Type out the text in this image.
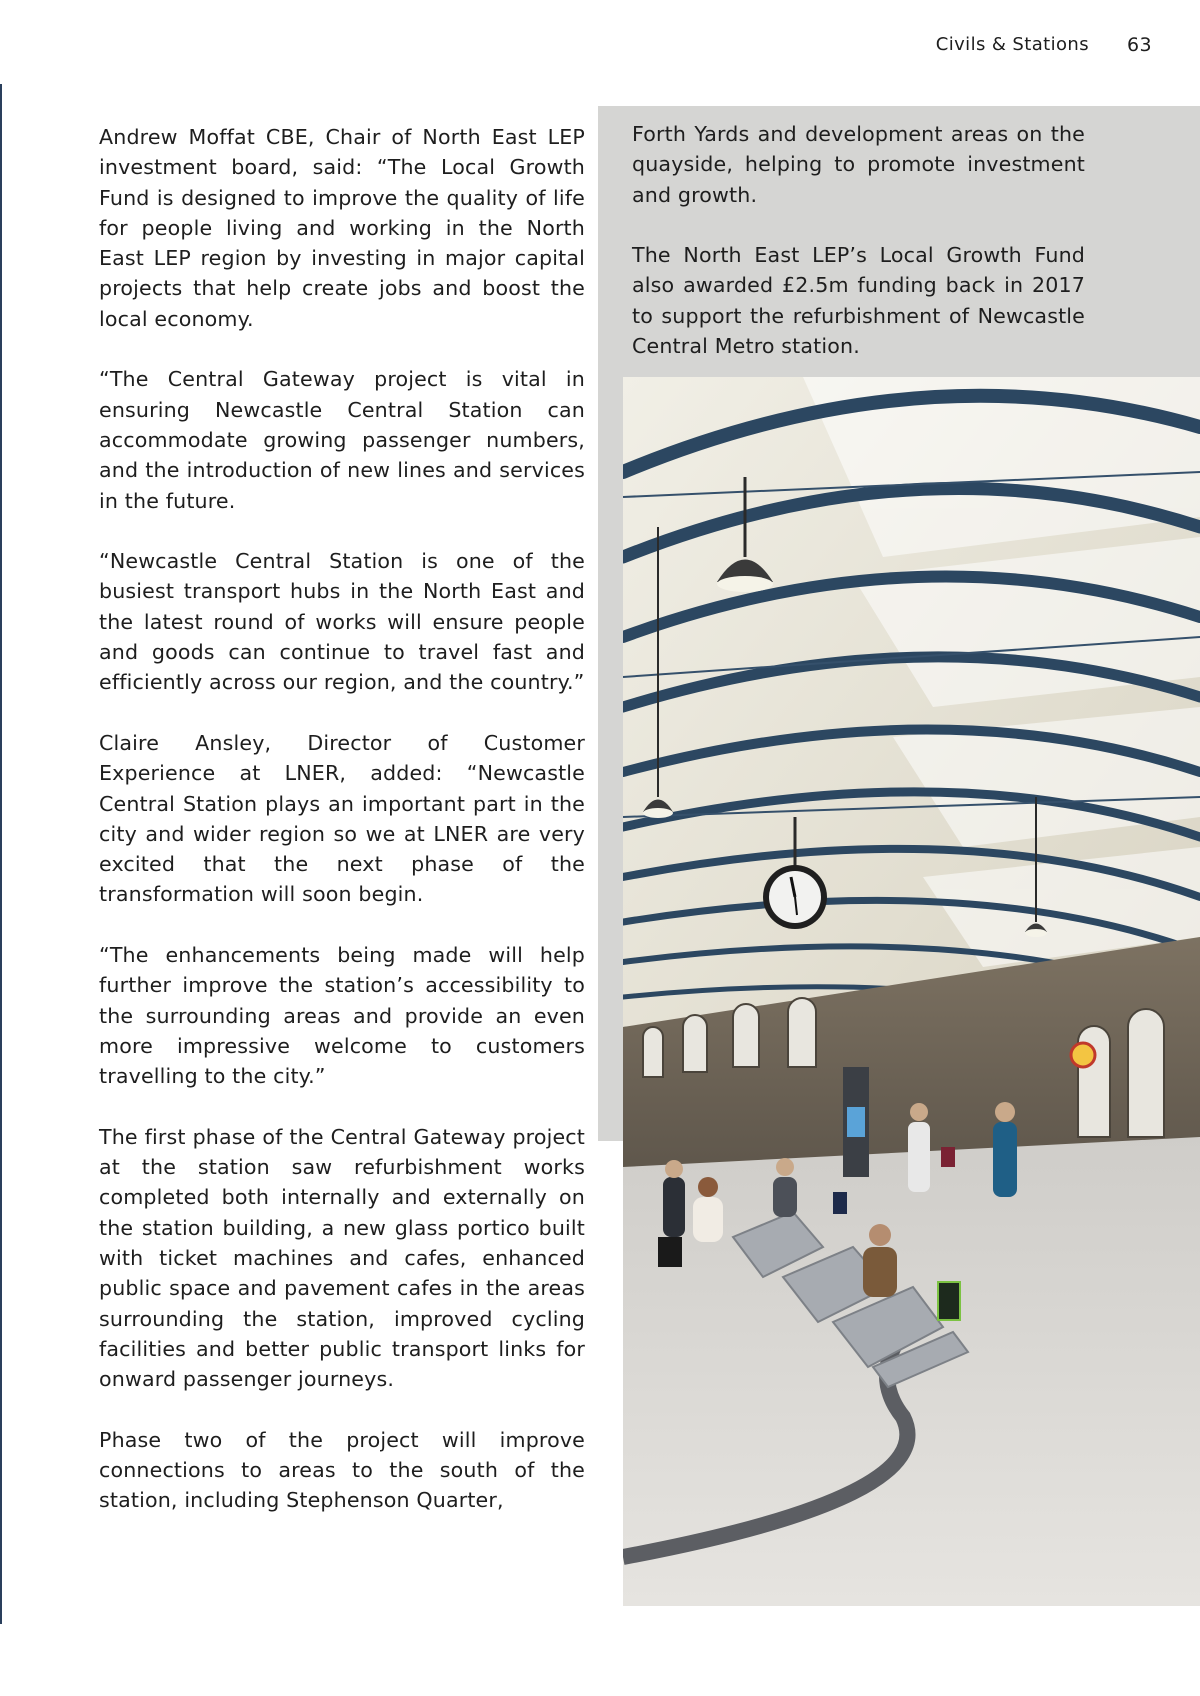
Civils & Stations 63

Andrew Moffat CBE, Chair of North East LEP investment board, said: “The Local Growth Fund is designed to improve the quality of life for people living and working in the North East LEP region by investing in major capital projects that help create jobs and boost the local economy.

“The Central Gateway project is vital in ensuring Newcastle Central Station can accommodate growing passenger numbers, and the introduction of new lines and services in the future.

“Newcastle Central Station is one of the busiest transport hubs in the North East and the latest round of works will ensure people and goods can continue to travel fast and efficiently across our region, and the country.”

Claire Ansley, Director of Customer Experience at LNER, added: “Newcastle Central Station plays an important part in the city and wider region so we at LNER are very excited that the next phase of the transformation will soon begin.

“The enhancements being made will help further improve the station’s accessibility to the surrounding areas and provide an even more impressive welcome to customers travelling to the city.”

The first phase of the Central Gateway project at the station saw refurbishment works completed both internally and externally on the station building, a new glass portico built with ticket machines and cafes, enhanced public space and pavement cafes in the areas surrounding the station, improved cycling facilities and better public transport links for onward passenger journeys.

Phase two of the project will improve connections to areas to the south of the station, including Stephenson Quarter,

Forth Yards and development areas on the quayside, helping to promote investment and growth.

The North East LEP’s Local Growth Fund also awarded £2.5m funding back in 2017 to support the refurbishment of Newcastle Central Metro station.
